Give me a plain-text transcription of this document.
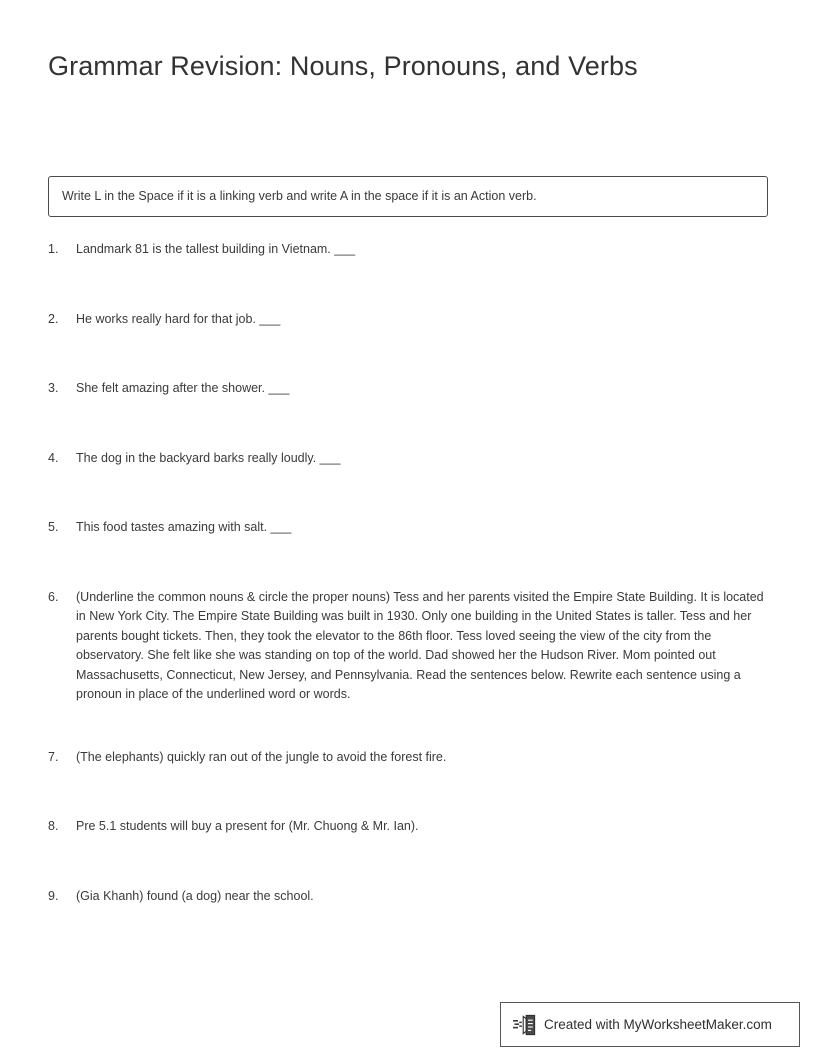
Grammar Revision: Nouns, Pronouns, and Verbs
Write L in the Space if it is a linking verb and write A in the space if it is an Action verb.
1.	Landmark 81 is the tallest building in Vietnam. ___
2.	He works really hard for that job. ___
3.	She felt amazing after the shower. ___
4.	The dog in the backyard barks really loudly. ___
5.	This food tastes amazing with salt. ___
6.	(Underline the common nouns & circle the proper nouns) Tess and her parents visited the Empire State Building. It is located in New York City. The Empire State Building was built in 1930. Only one building in the United States is taller. Tess and her parents bought tickets. Then, they took the elevator to the 86th floor. Tess loved seeing the view of the city from the observatory. She felt like she was standing on top of the world. Dad showed her the Hudson River. Mom pointed out Massachusetts, Connecticut, New Jersey, and Pennsylvania. Read the sentences below. Rewrite each sentence using a pronoun in place of the underlined word or words.
7.	(The elephants) quickly ran out of the jungle to avoid the forest fire.
8.	Pre 5.1 students will buy a present for (Mr. Chuong & Mr. Ian).
9.	(Gia Khanh) found (a dog) near the school.
Created with MyWorksheetMaker.com
